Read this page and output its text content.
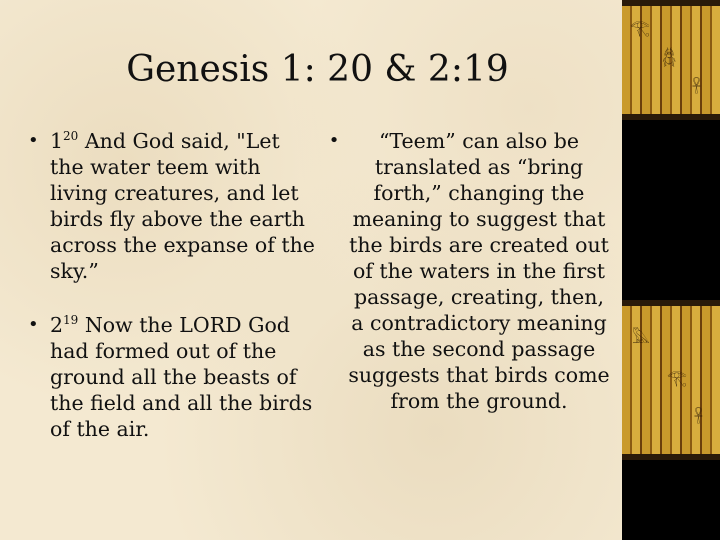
Genesis 1: 20 & 2:19
• 1$^{20}$ And God said, "Let the water teem with living creatures, and let birds fly above the earth across the expanse of the sky.”
• 2$^{19}$ Now the LORD God had formed out of the ground all the beasts of the field and all the birds of the air.
•	“Teem” can also be translated as “bring forth,” changing the meaning to suggest that the birds are created out of the waters in the first passage, creating, then, a contradictory meaning as the second passage suggests that birds come from the ground.
𓂀
𓆣
𓋹
𓅓
𓂀
𓋹
